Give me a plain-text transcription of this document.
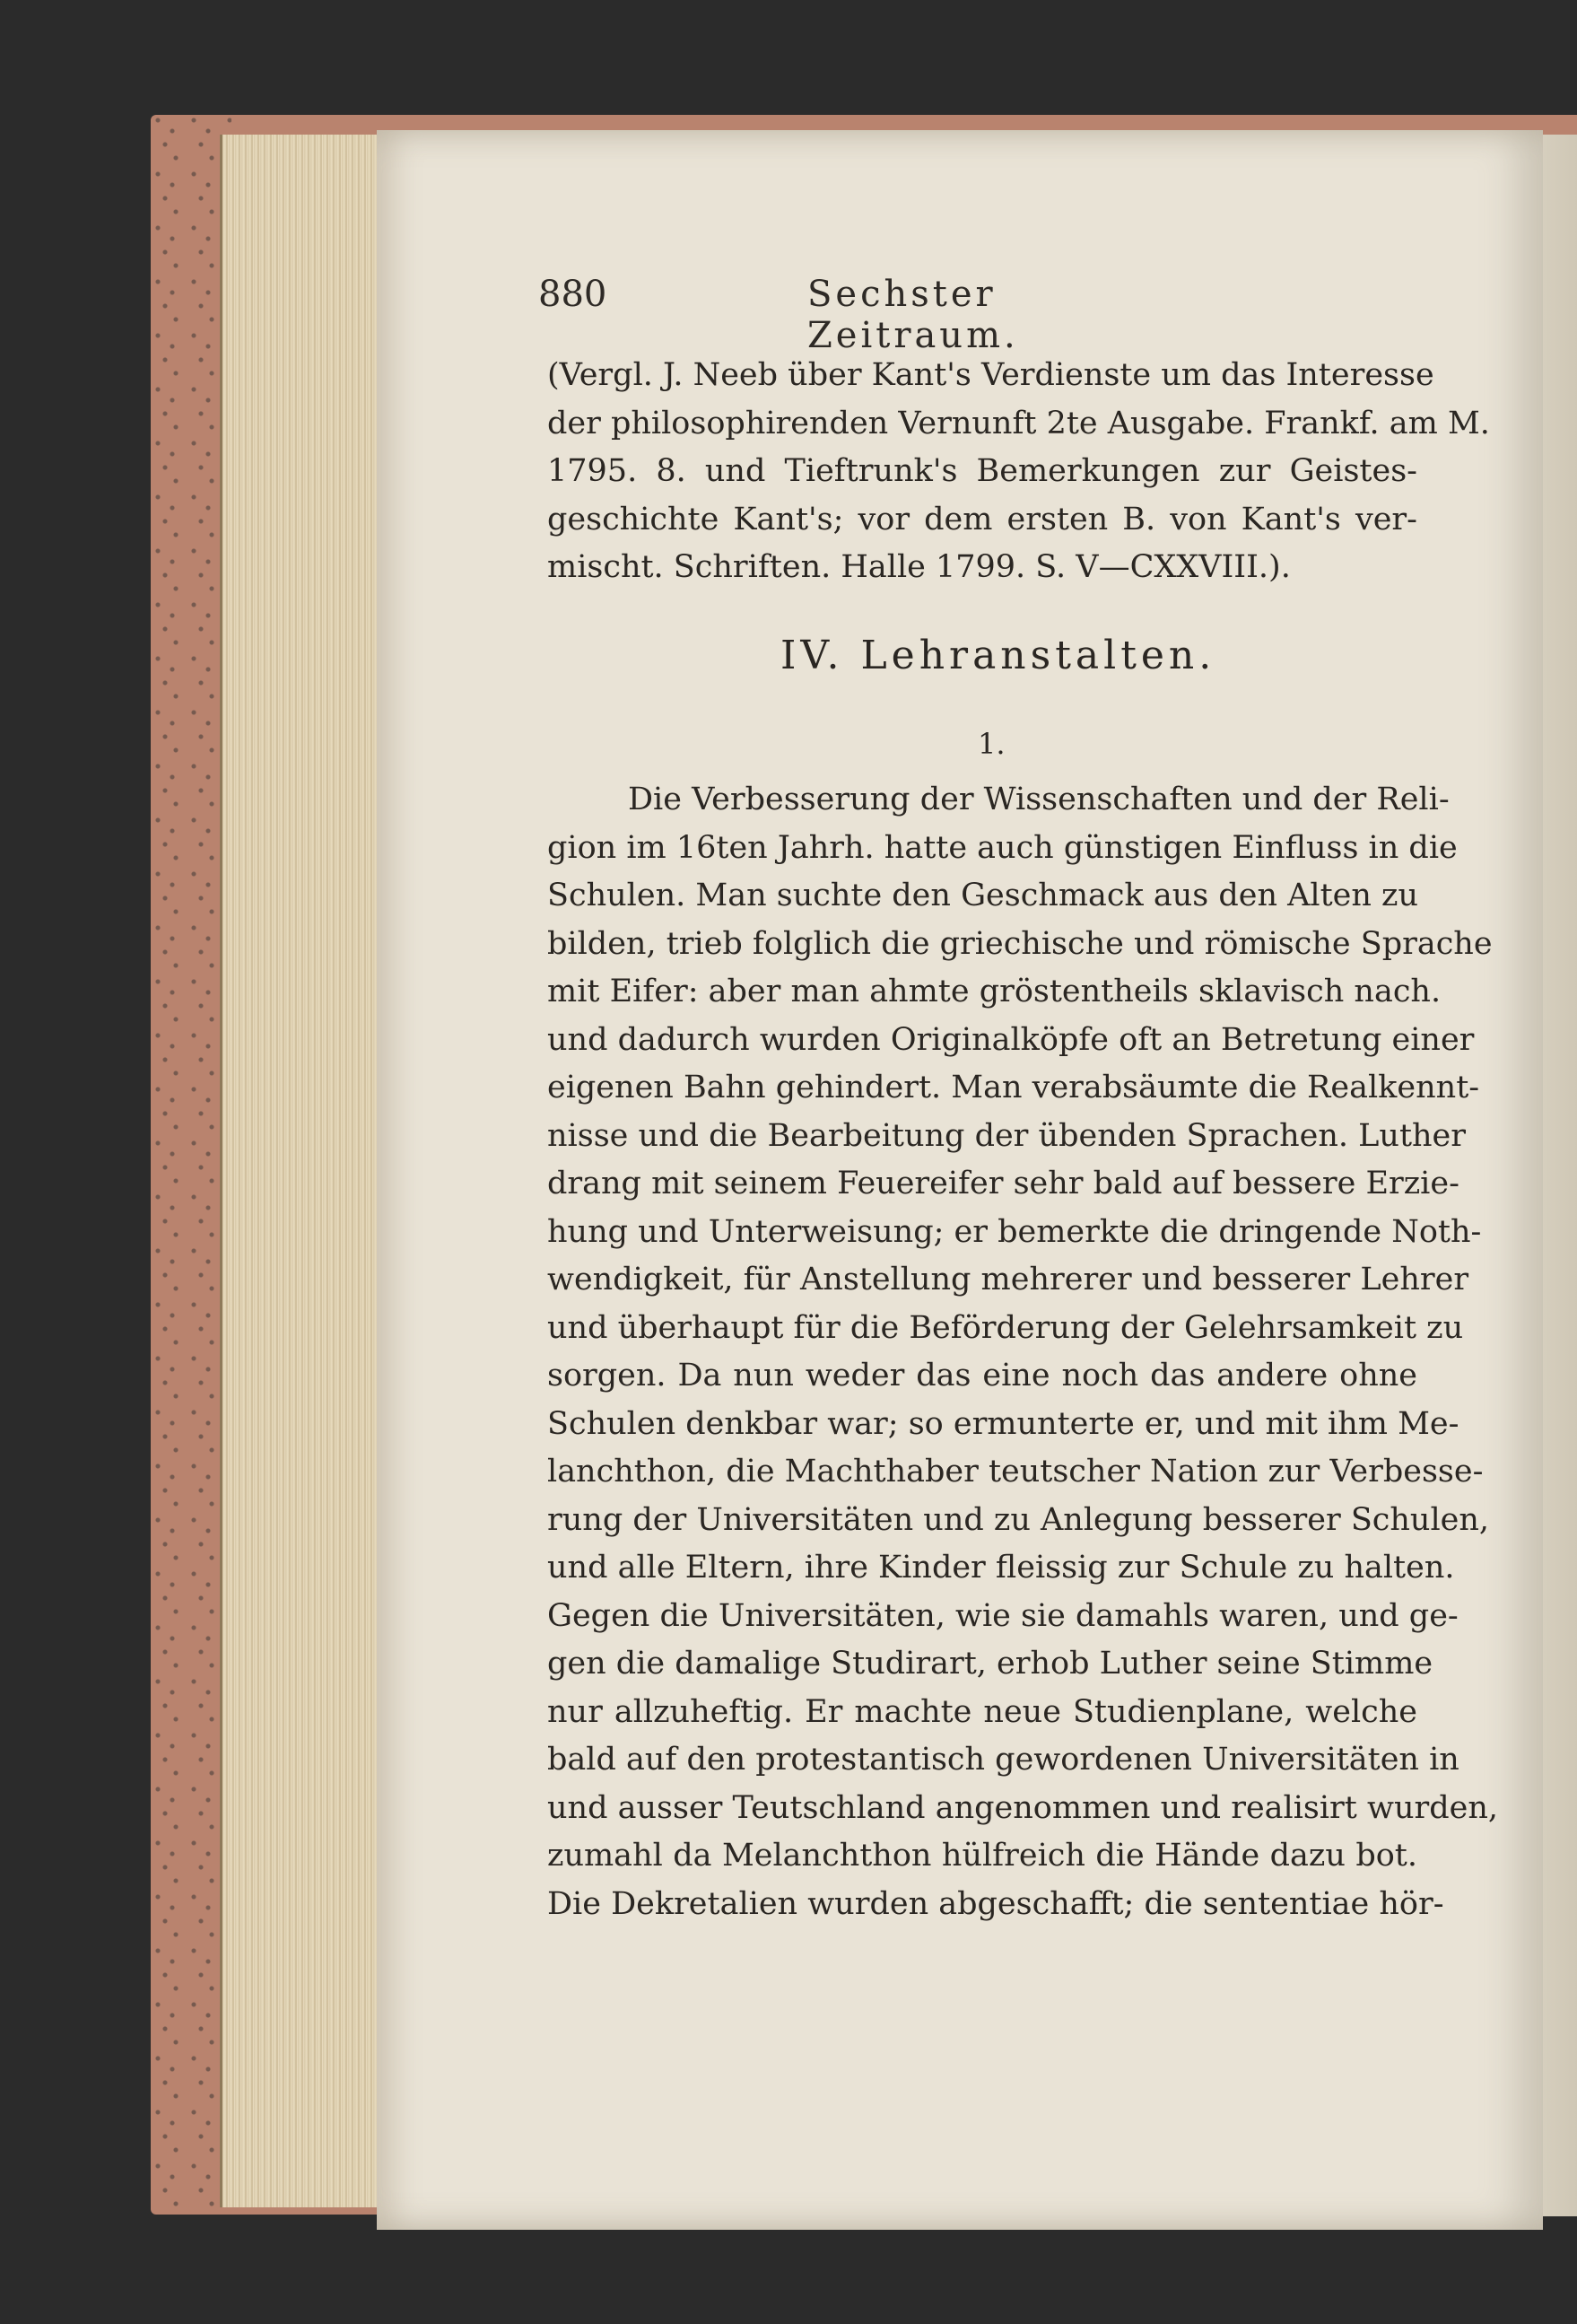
880	Sechster Zeitraum.
(Vergl. J. Neeb über Kant's Verdienste um das Interesse
der philosophirenden Vernunft 2te Ausgabe. Frankf. am M.
1795. 8. und Tieftrunk's Bemerkungen zur Geistes-
geschichte Kant's; vor dem ersten B. von Kant's ver-
mischt. Schriften. Halle 1799. S. V—CXXVIII.).
IV. Lehranstalten.
1.
Die Verbesserung der Wissenschaften und der Reli-
gion im 16ten Jahrh. hatte auch günstigen Einfluss in die
Schulen. Man suchte den Geschmack aus den Alten zu
bilden, trieb folglich die griechische und römische Sprache
mit Eifer: aber man ahmte gröstentheils sklavisch nach.
und dadurch wurden Originalköpfe oft an Betretung einer
eigenen Bahn gehindert. Man verabsäumte die Realkennt-
nisse und die Bearbeitung der übenden Sprachen. Luther
drang mit seinem Feuereifer sehr bald auf bessere Erzie-
hung und Unterweisung; er bemerkte die dringende Noth-
wendigkeit, für Anstellung mehrerer und besserer Lehrer
und überhaupt für die Beförderung der Gelehrsamkeit zu
sorgen. Da nun weder das eine noch das andere ohne
Schulen denkbar war; so ermunterte er, und mit ihm Me-
lanchthon, die Machthaber teutscher Nation zur Verbesse-
rung der Universitäten und zu Anlegung besserer Schulen,
und alle Eltern, ihre Kinder fleissig zur Schule zu halten.
Gegen die Universitäten, wie sie damahls waren, und ge-
gen die damalige Studirart, erhob Luther seine Stimme
nur allzuheftig. Er machte neue Studienplane, welche
bald auf den protestantisch gewordenen Universitäten in
und ausser Teutschland angenommen und realisirt wurden,
zumahl da Melanchthon hülfreich die Hände dazu bot.
Die Dekretalien wurden abgeschafft; die sententiae hör-
